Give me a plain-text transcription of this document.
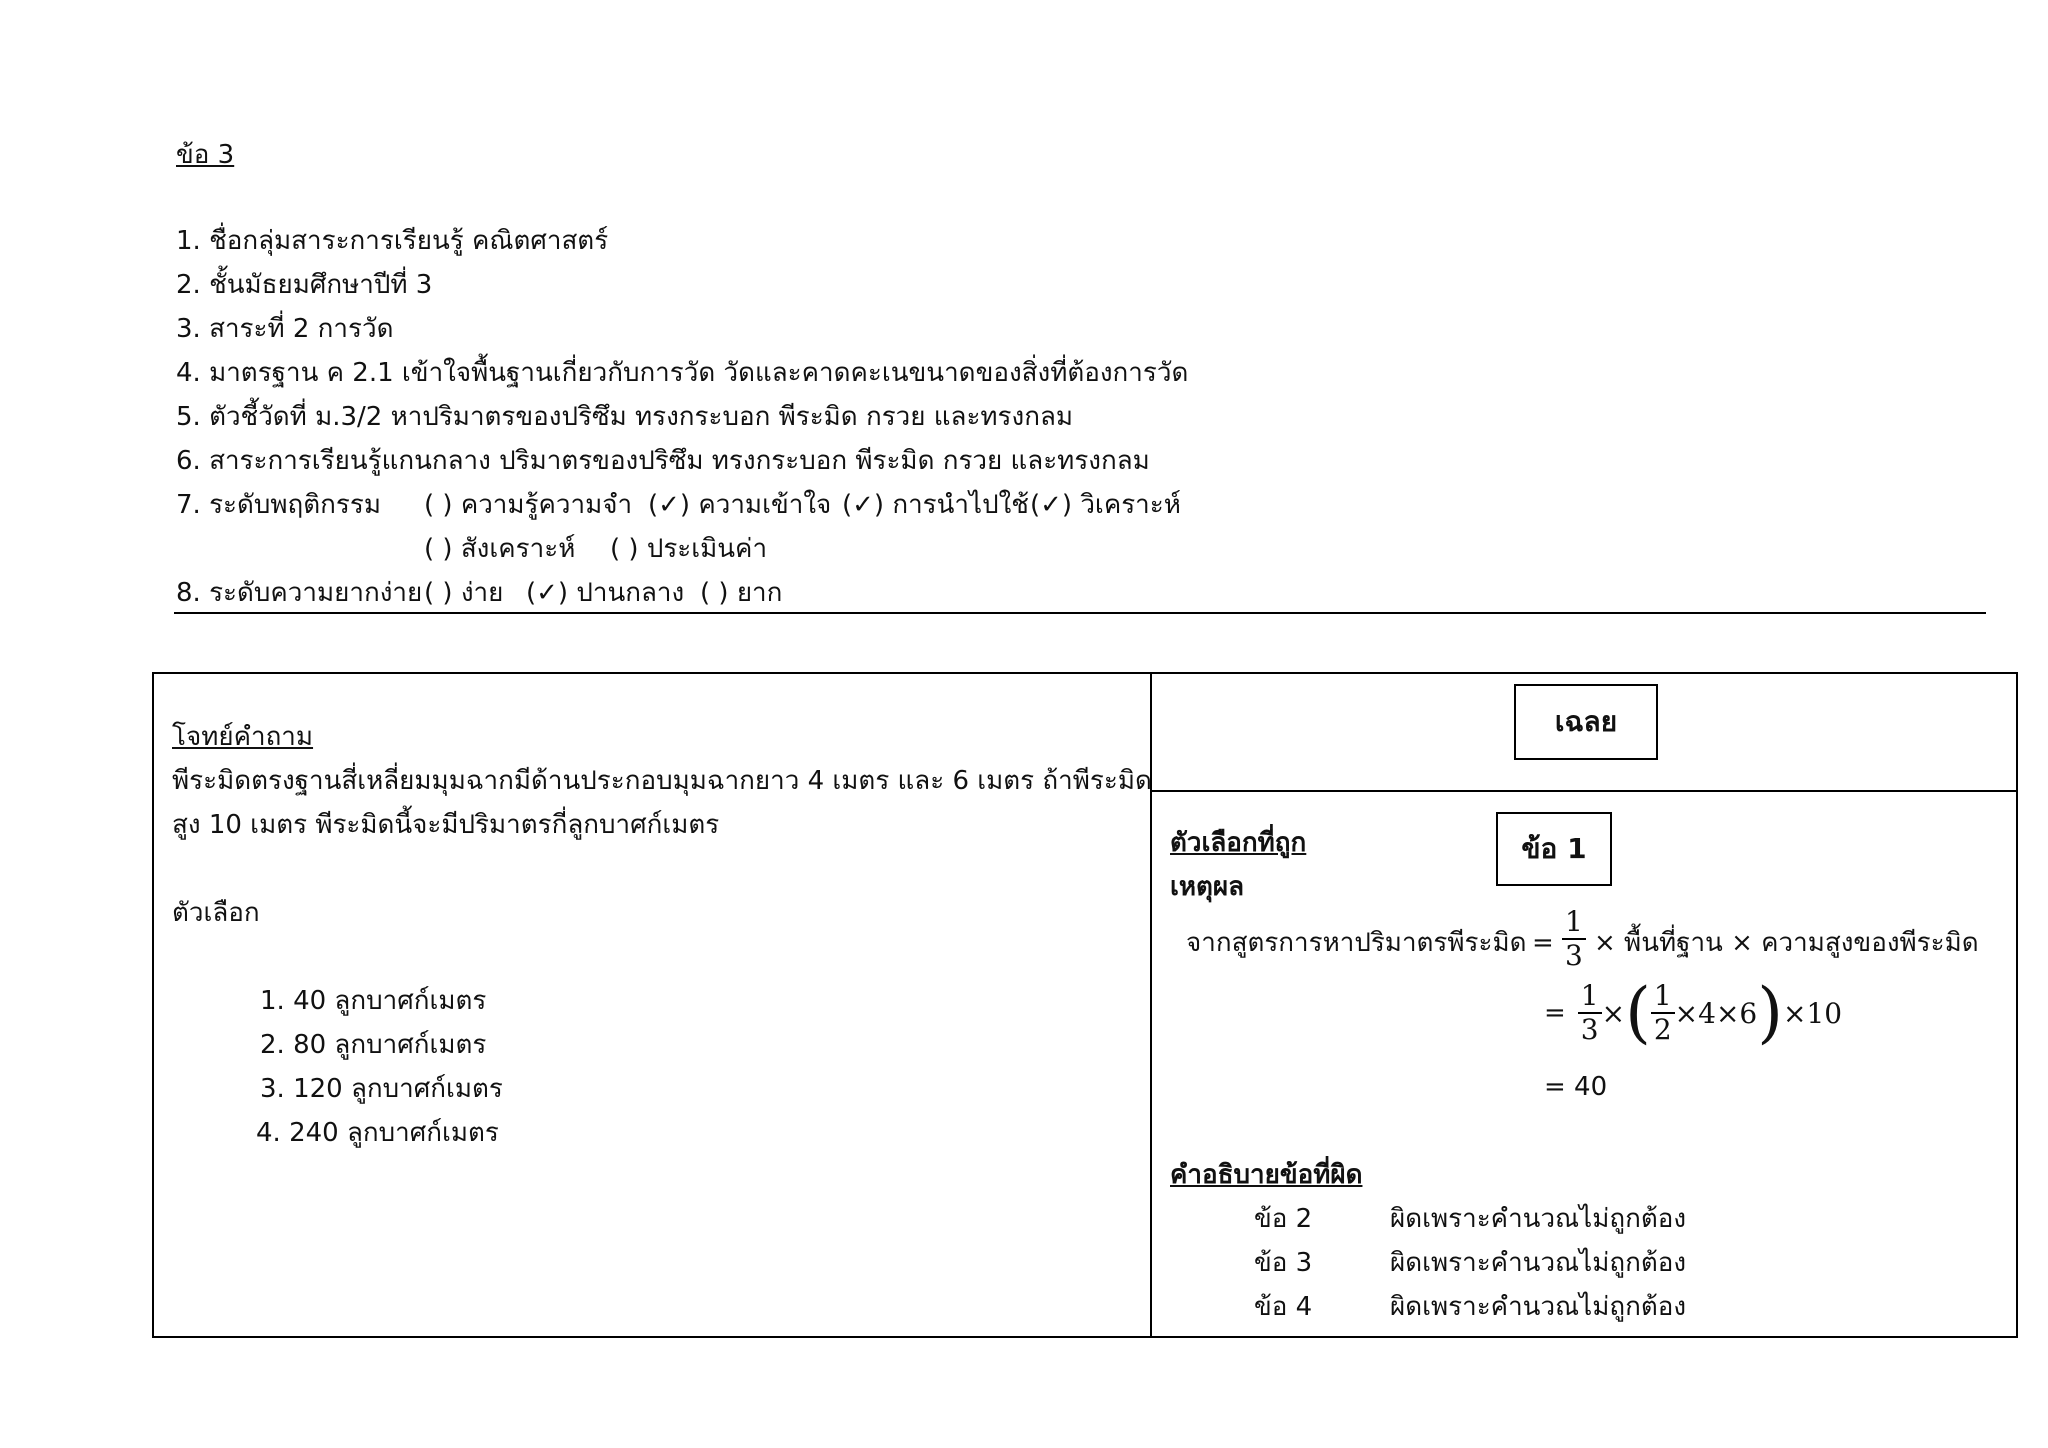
ข้อ 3
1. ชื่อกลุ่มสาระการเรียนรู้ คณิตศาสตร์
2. ชั้นมัธยมศึกษาปีที่ 3
3. สาระที่ 2 การวัด
4. มาตรฐาน ค 2.1 เข้าใจพื้นฐานเกี่ยวกับการวัด วัดและคาดคะเนขนาดของสิ่งที่ต้องการวัด
5. ตัวชี้วัดที่ ม.3/2 หาปริมาตรของปริซึม ทรงกระบอก พีระมิด กรวย และทรงกลม
6. สาระการเรียนรู้แกนกลาง ปริมาตรของปริซึม ทรงกระบอก พีระมิด กรวย และทรงกลม
7. ระดับพฤติกรรม ( ) ความรู้ความจำ (✓) ความเข้าใจ (✓) การนำไปใช้ (✓) วิเคราะห์
( ) สังเคราะห์ ( ) ประเมินค่า
8. ระดับความยากง่าย ( ) ง่าย (✓) ปานกลาง ( ) ยาก
โจทย์คำถาม
พีระมิดตรงฐานสี่เหลี่ยมมุมฉากมีด้านประกอบมุมฉากยาว 4 เมตร และ 6 เมตร ถ้าพีระมิด
สูง 10 เมตร พีระมิดนี้จะมีปริมาตรกี่ลูกบาศก์เมตร
ตัวเลือก
1. 40 ลูกบาศก์เมตร
2. 80 ลูกบาศก์เมตร
3. 120 ลูกบาศก์เมตร
4. 240 ลูกบาศก์เมตร
เฉลย
ตัวเลือกที่ถูก	ข้อ 1
เหตุผล
จากสูตรการหาปริมาตรพีระมิด = $\frac{1}{3}$ × พื้นที่ฐาน × ความสูงของพีระมิด
= $\frac{1}{3}$ × ( $\frac{1}{2} \times 4\times 6$ ) ×10
= 40
คำอธิบายข้อที่ผิด
ข้อ 2	ผิดเพราะคำนวณไม่ถูกต้อง
ข้อ 3	ผิดเพราะคำนวณไม่ถูกต้อง
ข้อ 4	ผิดเพราะคำนวณไม่ถูกต้อง
